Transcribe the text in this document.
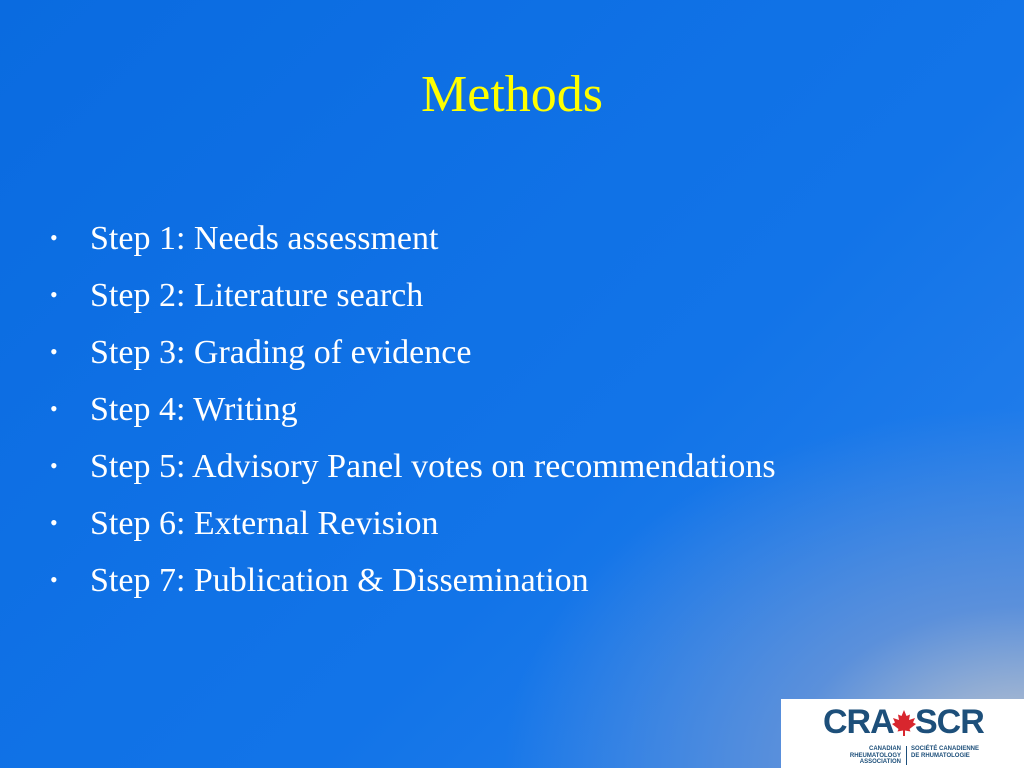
Methods
• Step 1: Needs assessment
• Step 2: Literature search
• Step 3: Grading of evidence
• Step 4: Writing
• Step 5: Advisory Panel votes on recommendations
• Step 6: External Revision
• Step 7: Publication & Dissemination
CRA SCR
CANADIAN RHEUMATOLOGY ASSOCIATION
SOCIÉTÉ CANADIENNE DE RHUMATOLOGIE
